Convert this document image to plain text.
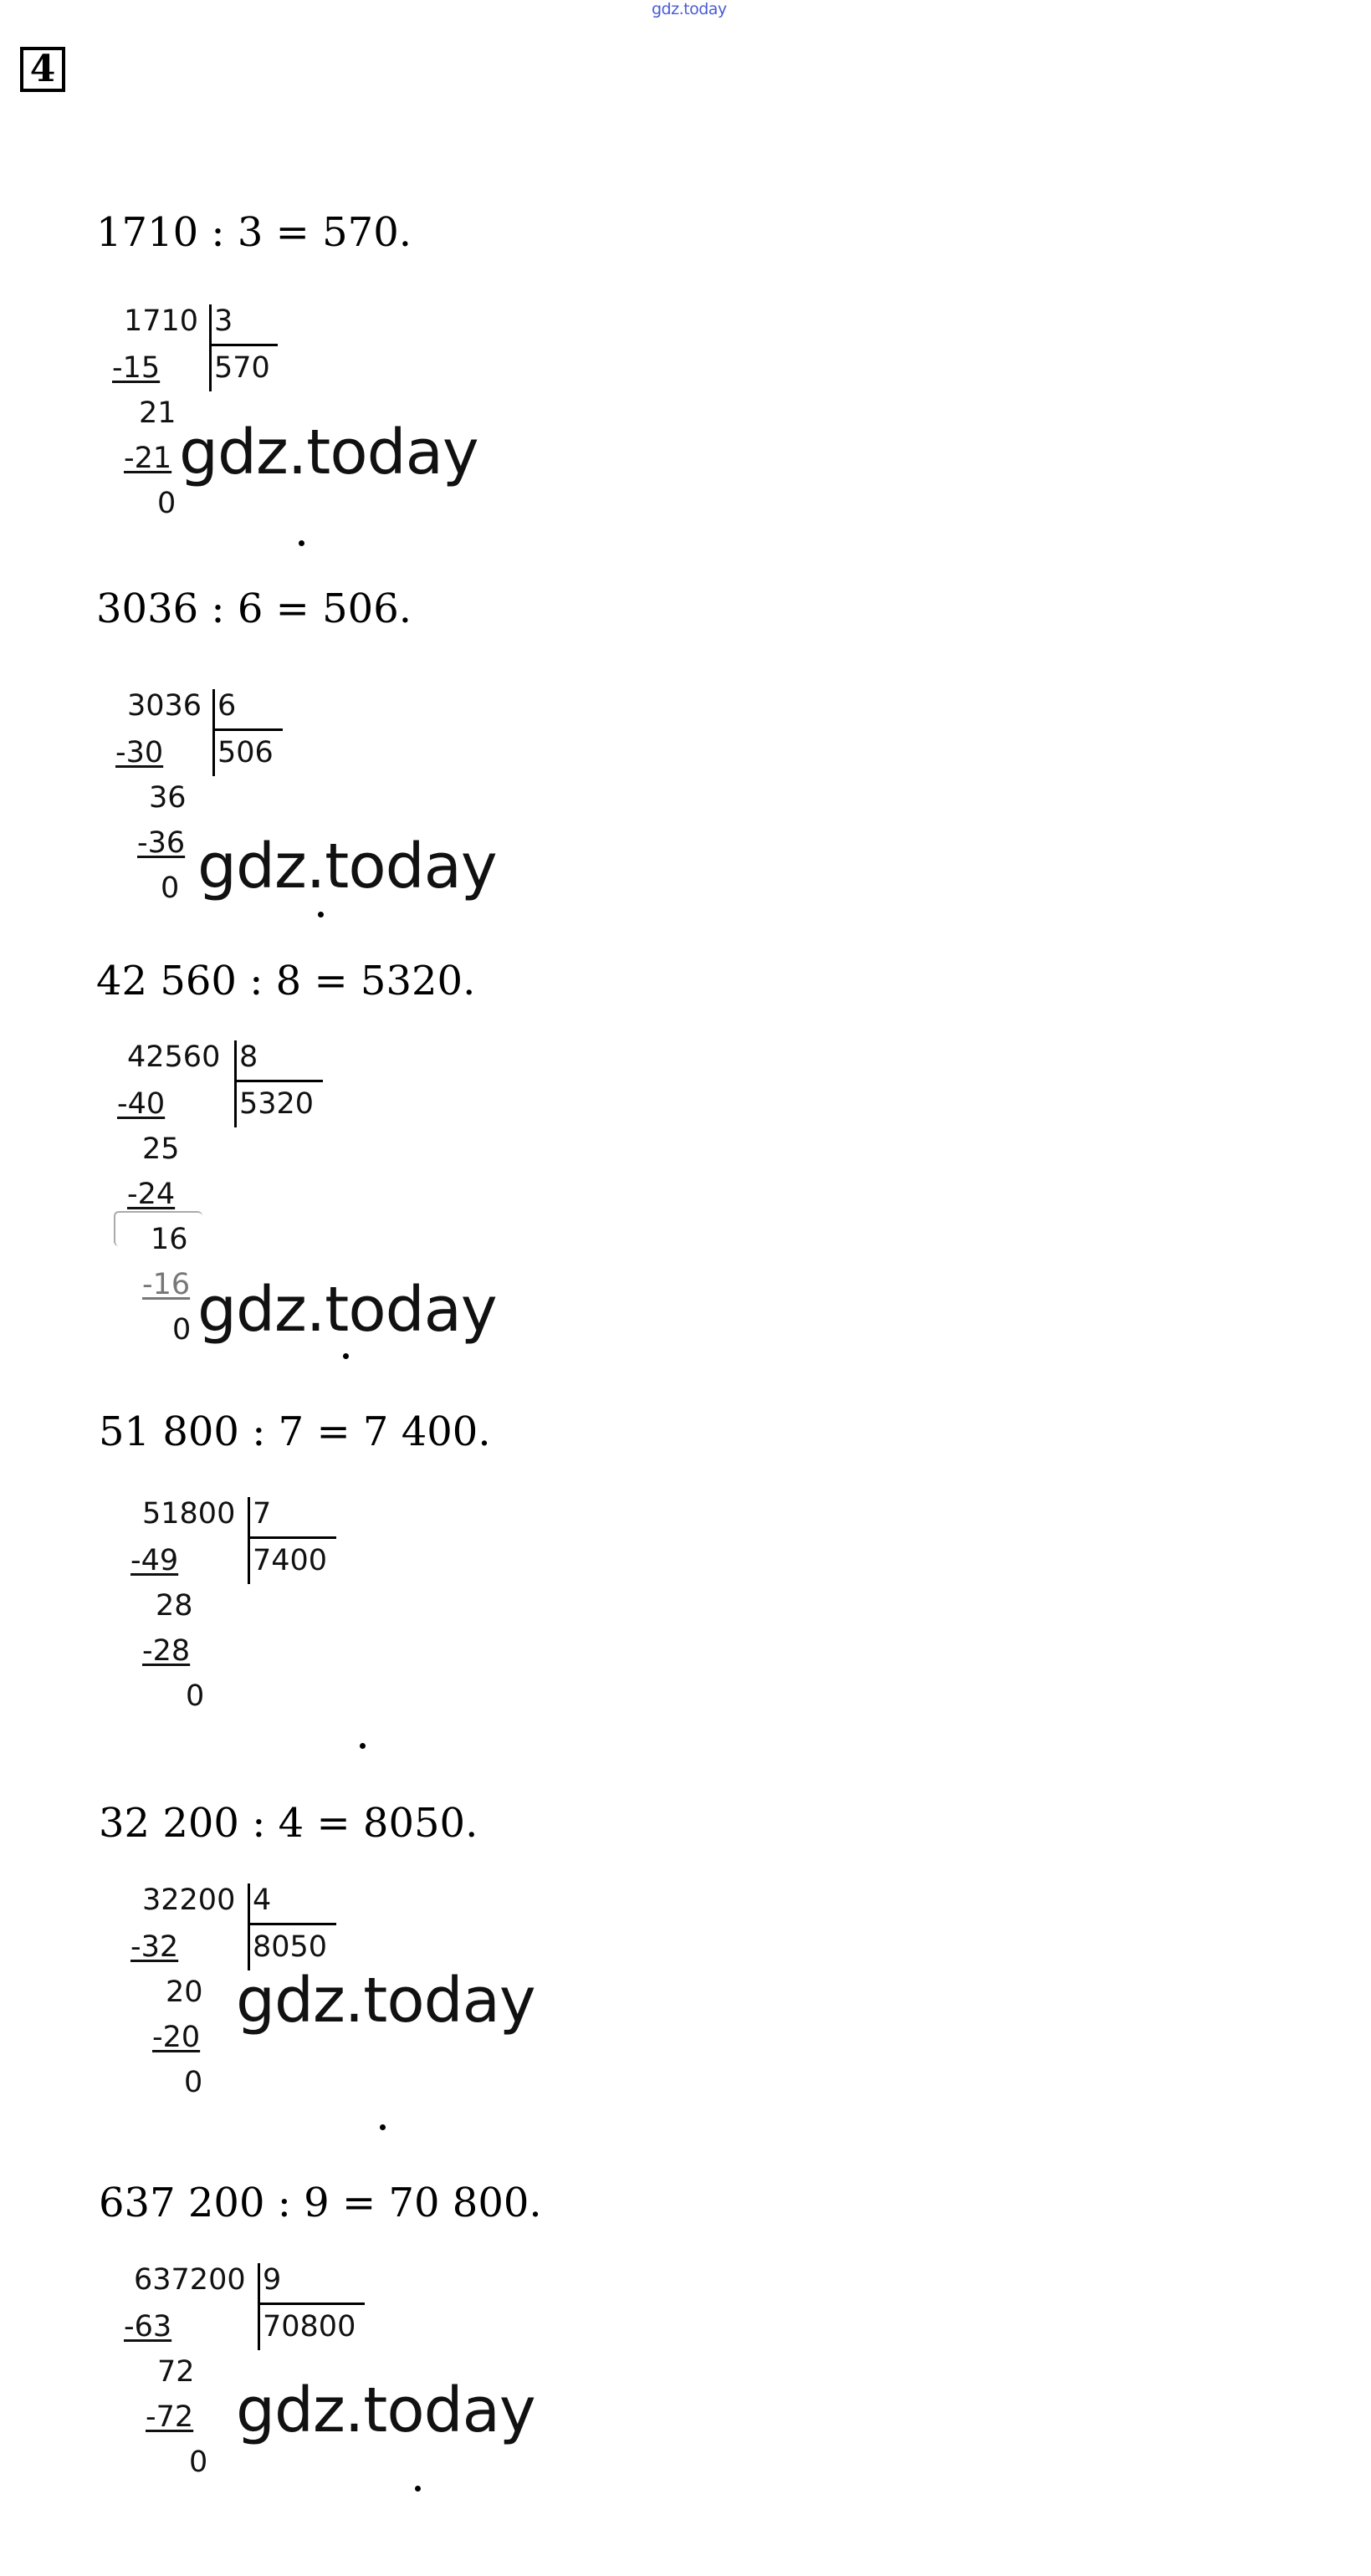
gdz.today
4
1710 : 3 = 570.
1710 3
570
-15
21
-21
0
gdz.today
3036 : 6 = 506.
3036 6
506
-30
36
-36
0 gdz.today
42 560 : 8 = 5320.
42560 8
5320
-40
25
-24
16
-16
0 gdz.today
51 800 : 7 = 7 400.
51800 7
7400
-49
28
-28
0
32 200 : 4 = 8050.
32200 4
8050
-32
20
-20
0
gdz.today
637 200 : 9 = 70 800.
637200 9
70800
-63
72
-72
0
gdz.today
